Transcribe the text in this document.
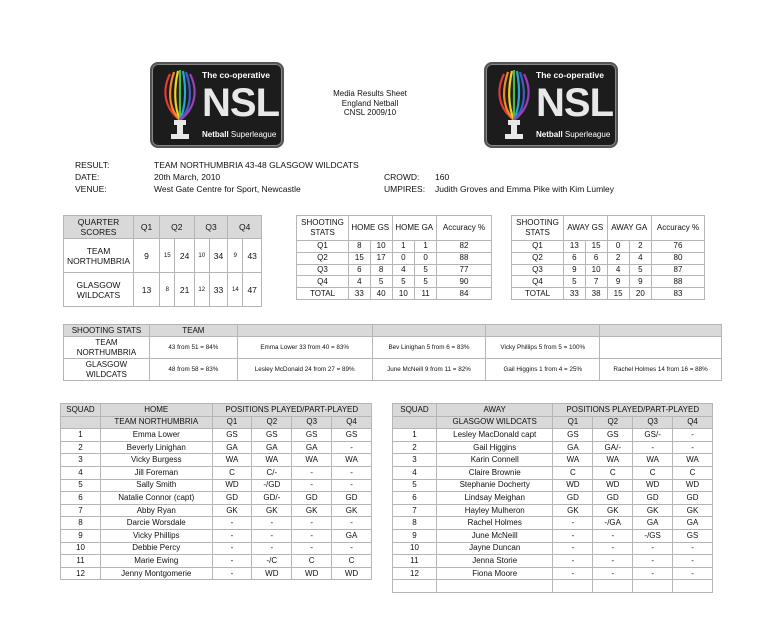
The co-operative
NSL
Netball Superleague
The co-operative
NSL
Netball Superleague
Media Results Sheet
England Netball
CNSL 2009/10
RESULT:	TEAM NORTHUMBRIA 43-48 GLASGOW WILDCATS
DATE:	20th March, 2010	CROWD: 160
VENUE:	West Gate Centre for Sport, Newcastle	UMPIRES: Judith Groves and Emma Pike with Kim Lumley
QUARTER SCORES	Q1	Q2		Q3		Q4	
TEAM NORTHUMBRIA	9	15	24	10	34	9	43
GLASGOW WILDCATS	13	8	21	12	33	14	47
SHOOTING STATS	HOME GS		HOME GA		Accuracy %
Q1	8	10	1	1	82
Q2	15	17	0	0	88
Q3	6	8	4	5	77
Q4	4	5	5	5	90
TOTAL	33	40	10	11	84
SHOOTING STATS	AWAY GS		AWAY GA		Accuracy %
Q1	13	15	0	2	76
Q2	6	6	2	4	80
Q3	9	10	4	5	87
Q4	5	7	9	9	88
TOTAL	33	38	15	20	83
SHOOTING STATS	TEAM				
TEAM NORTHUMBRIA	43 from 51 = 84%	Emma Lower 33 from 40 = 83%	Bev Linighan 5 from 6 = 83%	Vicky Phillips 5 from 5 = 100%	
GLASGOW WILDCATS	48 from 58 = 83%	Lesley McDonald 24 from 27 = 89%	June McNeill 9 from 11 = 82%	Gail Higgins 1 from 4 = 25%	Rachel Holmes 14 from 16 = 88%
SQUAD	HOME	POSITIONS PLAYED/PART-PLAYED			
	TEAM NORTHUMBRIA	Q1	Q2	Q3	Q4
1	Emma Lower	GS	GS	GS	GS
2	Beverly Linighan	GA	GA	GA	-
3	Vicky Burgess	WA	WA	WA	WA
4	Jill Foreman	C	C/-	-	-
5	Sally Smith	WD	-/GD	-	-
6	Natalie Connor (capt)	GD	GD/-	GD	GD
7	Abby Ryan	GK	GK	GK	GK
8	Darcie Worsdale	-	-	-	-
9	Vicky Phillips	-	-	-	GA
10	Debbie Percy	-	-	-	-
11	Marie Ewing	-	-/C	C	C
12	Jenny Montgomerie	-	WD	WD	WD
SQUAD	AWAY	POSITIONS PLAYED/PART-PLAYED			
	GLASGOW WILDCATS	Q1	Q2	Q3	Q4
1	Lesley MacDonald capt	GS	GS	GS/-	-
2	Gail Higgins	GA	GA/-	-	-
3	Karin Connell	WA	WA	WA	WA
4	Claire Brownie	C	C	C	C
5	Stephanie Docherty	WD	WD	WD	WD
6	Lindsay Meighan	GD	GD	GD	GD
7	Hayley Mulheron	GK	GK	GK	GK
8	Rachel Holmes	-	-/GA	GA	GA
9	June McNeill	-	-	-/GS	GS
10	Jayne Duncan	-	-	-	-
11	Jenna Storie	-	-	-	-
12	Fiona Moore	-	-	-	-
